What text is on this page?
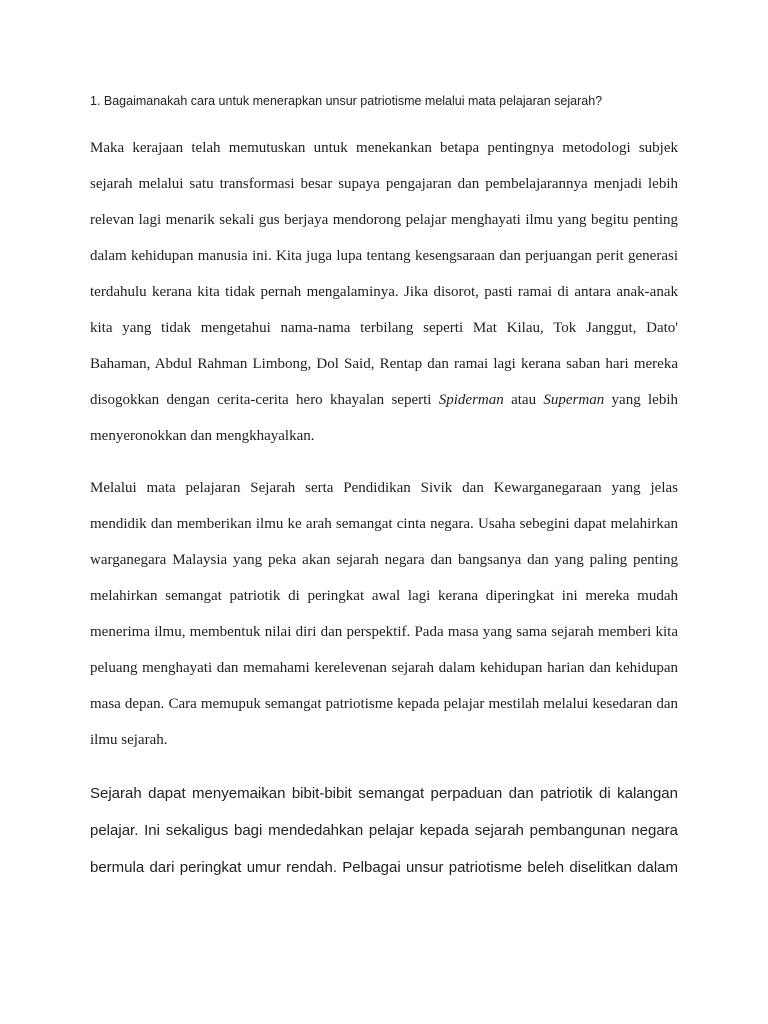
1. Bagaimanakah cara untuk menerapkan unsur patriotisme melalui mata pelajaran sejarah?
Maka kerajaan telah memutuskan untuk menekankan betapa pentingnya metodologi subjek
sejarah melalui satu transformasi besar supaya pengajaran dan pembelajarannya menjadi lebih
relevan lagi menarik sekali gus berjaya mendorong pelajar menghayati ilmu yang begitu penting
dalam kehidupan manusia ini. Kita juga lupa tentang kesengsaraan dan perjuangan perit generasi
terdahulu kerana kita tidak pernah mengalaminya. Jika disorot, pasti ramai di antara anak-anak
kita yang tidak mengetahui nama-nama terbilang seperti Mat Kilau, Tok Janggut, Dato'
Bahaman, Abdul Rahman Limbong, Dol Said, Rentap dan ramai lagi kerana saban hari mereka
disogokkan dengan cerita-cerita hero khayalan seperti Spiderman atau Superman yang lebih
menyeronokkan dan mengkhayalkan.
Melalui mata pelajaran Sejarah serta Pendidikan Sivik dan Kewarganegaraan yang jelas
mendidik dan memberikan ilmu ke arah semangat cinta negara. Usaha sebegini dapat melahirkan
warganegara Malaysia yang peka akan sejarah negara dan bangsanya dan yang paling penting
melahirkan semangat patriotik di peringkat awal lagi kerana diperingkat ini mereka mudah
menerima ilmu, membentuk nilai diri dan perspektif. Pada masa yang sama sejarah memberi kita
peluang menghayati dan memahami kerelevenan sejarah dalam kehidupan harian dan kehidupan
masa depan. Cara memupuk semangat patriotisme kepada pelajar mestilah melalui kesedaran dan
ilmu sejarah.
Sejarah dapat menyemaikan bibit-bibit semangat perpaduan dan patriotik di kalangan
pelajar. Ini sekaligus bagi mendedahkan pelajar kepada sejarah pembangunan negara
bermula dari peringkat umur rendah. Pelbagai unsur patriotisme beleh diselitkan dalam
